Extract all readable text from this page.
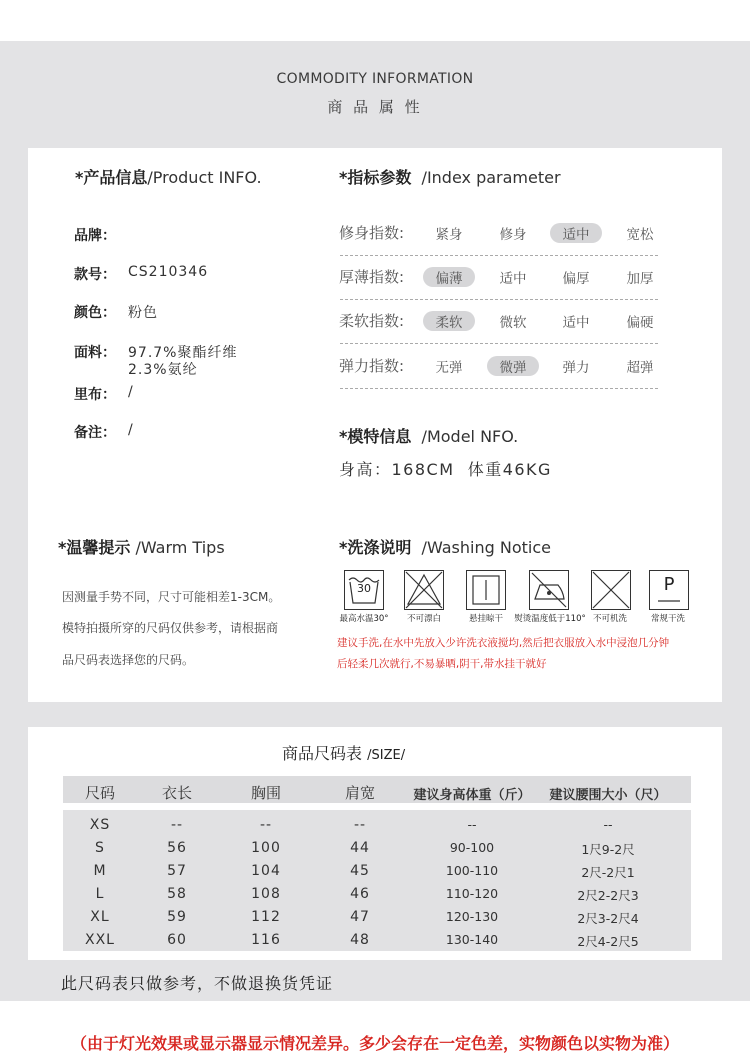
COMMODITY INFORMATION
商 品 属 性
*产品信息/Product INFO.
品牌：
款号： CS210346
颜色： 粉色
面料： 97.7%聚酯纤维
2.3%氨纶
里布： /
备注： /
*指标参数 /Index parameter
修身指数:	紧身	修身	适中	宽松
厚薄指数:	偏薄	适中	偏厚	加厚
柔软指数:	柔软	微软	适中	偏硬
弹力指数:	无弹	微弹	弹力	超弹
*模特信息 /Model NFO.
身高：168CM  体重46KG
*温馨提示 /Warm Tips
因测量手势不同，尺寸可能相差1-3CM。
模特拍摄所穿的尺码仅供参考，请根据商
品尺码表选择您的尺码。
*洗涤说明 /Washing Notice
30	P
最高水温30°	不可漂白	悬挂晾干	熨烫温度低于110° 不可机洗	常规干洗
建议手洗,在水中先放入少许洗衣液搅均,然后把衣服放入水中浸泡几分钟
后轻柔几次就行,不易暴晒,阴干,带水挂干就好
商品尺码表 /SIZE/
尺码	衣长	胸围	肩宽	建议身高体重（斤）	建议腰围大小（尺）
XS	--	--	--	--	--
S	56	100	44	90-100	1尺9-2尺
M	57	104	45	100-110	2尺-2尺1
L	58	108	46	110-120	2尺2-2尺3
XL	59	112	47	120-130	2尺3-2尺4
XXL	60	116	48	130-140	2尺4-2尺5
此尺码表只做参考，不做退换货凭证
（由于灯光效果或显示器显示情况差异。多少会存在一定色差，实物颜色以实物为准）
